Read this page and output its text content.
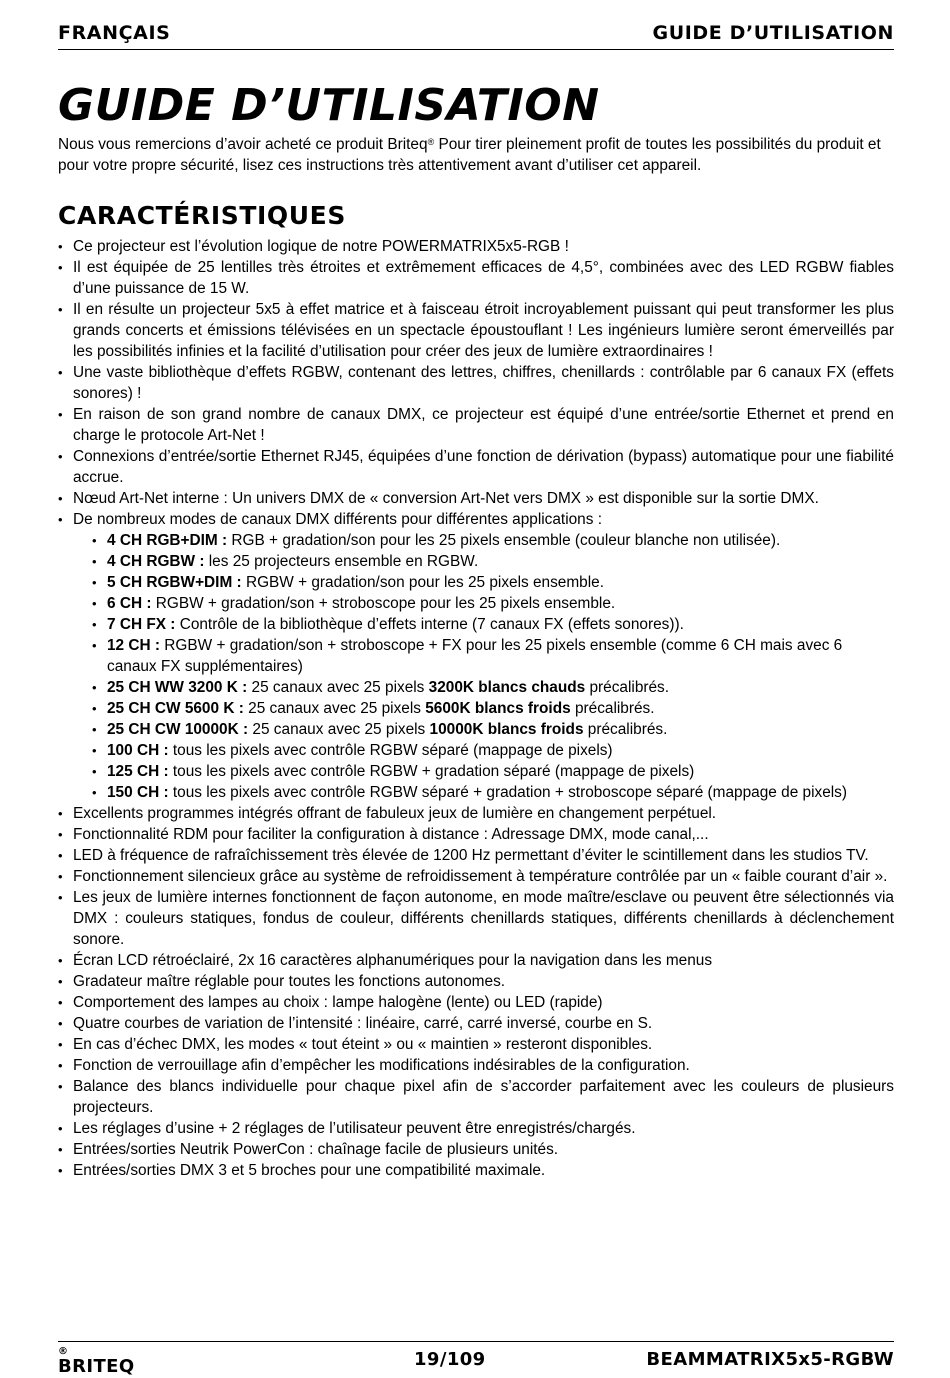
FRANÇAIS	GUIDE D’UTILISATION
GUIDE D’UTILISATION

Nous vous remercions d’avoir acheté ce produit Briteq® Pour tirer pleinement profit de toutes les possibilités du produit et pour votre propre sécurité, lisez ces instructions très attentivement avant d’utiliser cet appareil.

CARACTÉRISTIQUES
• Ce projecteur est l’évolution logique de notre POWERMATRIX5x5-RGB !
• Il est équipée de 25 lentilles très étroites et extrêmement efficaces de 4,5°, combinées avec des LED RGBW fiables d’une puissance de 15 W.
• Il en résulte un projecteur 5x5 à effet matrice et à faisceau étroit incroyablement puissant qui peut transformer les plus grands concerts et émissions télévisées en un spectacle époustouflant ! Les ingénieurs lumière seront émerveillés par les possibilités infinies et la facilité d’utilisation pour créer des jeux de lumière extraordinaires !
• Une vaste bibliothèque d’effets RGBW, contenant des lettres, chiffres, chenillards : contrôlable par 6 canaux FX (effets sonores) !
• En raison de son grand nombre de canaux DMX, ce projecteur est équipé d’une entrée/sortie Ethernet et prend en charge le protocole Art-Net !
• Connexions d’entrée/sortie Ethernet RJ45, équipées d’une fonction de dérivation (bypass) automatique pour une fiabilité accrue.
• Nœud Art-Net interne : Un univers DMX de « conversion Art-Net vers DMX » est disponible sur la sortie DMX.
• De nombreux modes de canaux DMX différents pour différentes applications :
• 4 CH RGB+DIM : RGB + gradation/son pour les 25 pixels ensemble (couleur blanche non utilisée).
• 4 CH RGBW : les 25 projecteurs ensemble en RGBW.
• 5 CH RGBW+DIM : RGBW + gradation/son pour les 25 pixels ensemble.
• 6 CH : RGBW + gradation/son + stroboscope pour les 25 pixels ensemble.
• 7 CH FX : Contrôle de la bibliothèque d’effets interne (7 canaux FX (effets sonores)).
• 12 CH : RGBW + gradation/son + stroboscope + FX pour les 25 pixels ensemble (comme 6 CH mais avec 6 canaux FX supplémentaires)
• 25 CH WW 3200 K : 25 canaux avec 25 pixels 3200K blancs chauds précalibrés.
• 25 CH CW 5600 K : 25 canaux avec 25 pixels 5600K blancs froids précalibrés.
• 25 CH CW 10000K : 25 canaux avec 25 pixels 10000K blancs froids précalibrés.
• 100 CH : tous les pixels avec contrôle RGBW séparé (mappage de pixels)
• 125 CH : tous les pixels avec contrôle RGBW + gradation séparé (mappage de pixels)
• 150 CH : tous les pixels avec contrôle RGBW séparé + gradation + stroboscope séparé (mappage de pixels)
• Excellents programmes intégrés offrant de fabuleux jeux de lumière en changement perpétuel.
• Fonctionnalité RDM pour faciliter la configuration à distance : Adressage DMX, mode canal,...
• LED à fréquence de rafraîchissement très élevée de 1200 Hz permettant d’éviter le scintillement dans les studios TV.
• Fonctionnement silencieux grâce au système de refroidissement à température contrôlée par un « faible courant d’air ».
• Les jeux de lumière internes fonctionnent de façon autonome, en mode maître/esclave ou peuvent être sélectionnés via DMX : couleurs statiques, fondus de couleur, différents chenillards statiques, différents chenillards à déclenchement sonore.
• Écran LCD rétroéclairé, 2x 16 caractères alphanumériques pour la navigation dans les menus
• Gradateur maître réglable pour toutes les fonctions autonomes.
• Comportement des lampes au choix : lampe halogène (lente) ou LED (rapide)
• Quatre courbes de variation de l’intensité : linéaire, carré, carré inversé, courbe en S.
• En cas d’échec DMX, les modes « tout éteint » ou « maintien » resteront disponibles.
• Fonction de verrouillage afin d’empêcher les modifications indésirables de la configuration.
• Balance des blancs individuelle pour chaque pixel afin de s’accorder parfaitement avec les couleurs de plusieurs projecteurs.
• Les réglages d’usine + 2 réglages de l’utilisateur peuvent être enregistrés/chargés.
• Entrées/sorties Neutrik PowerCon : chaînage facile de plusieurs unités.
• Entrées/sorties DMX 3 et 5 broches pour une compatibilité maximale.
BRITEQ
®	19/109	BEAMMATRIX5x5-RGBW
